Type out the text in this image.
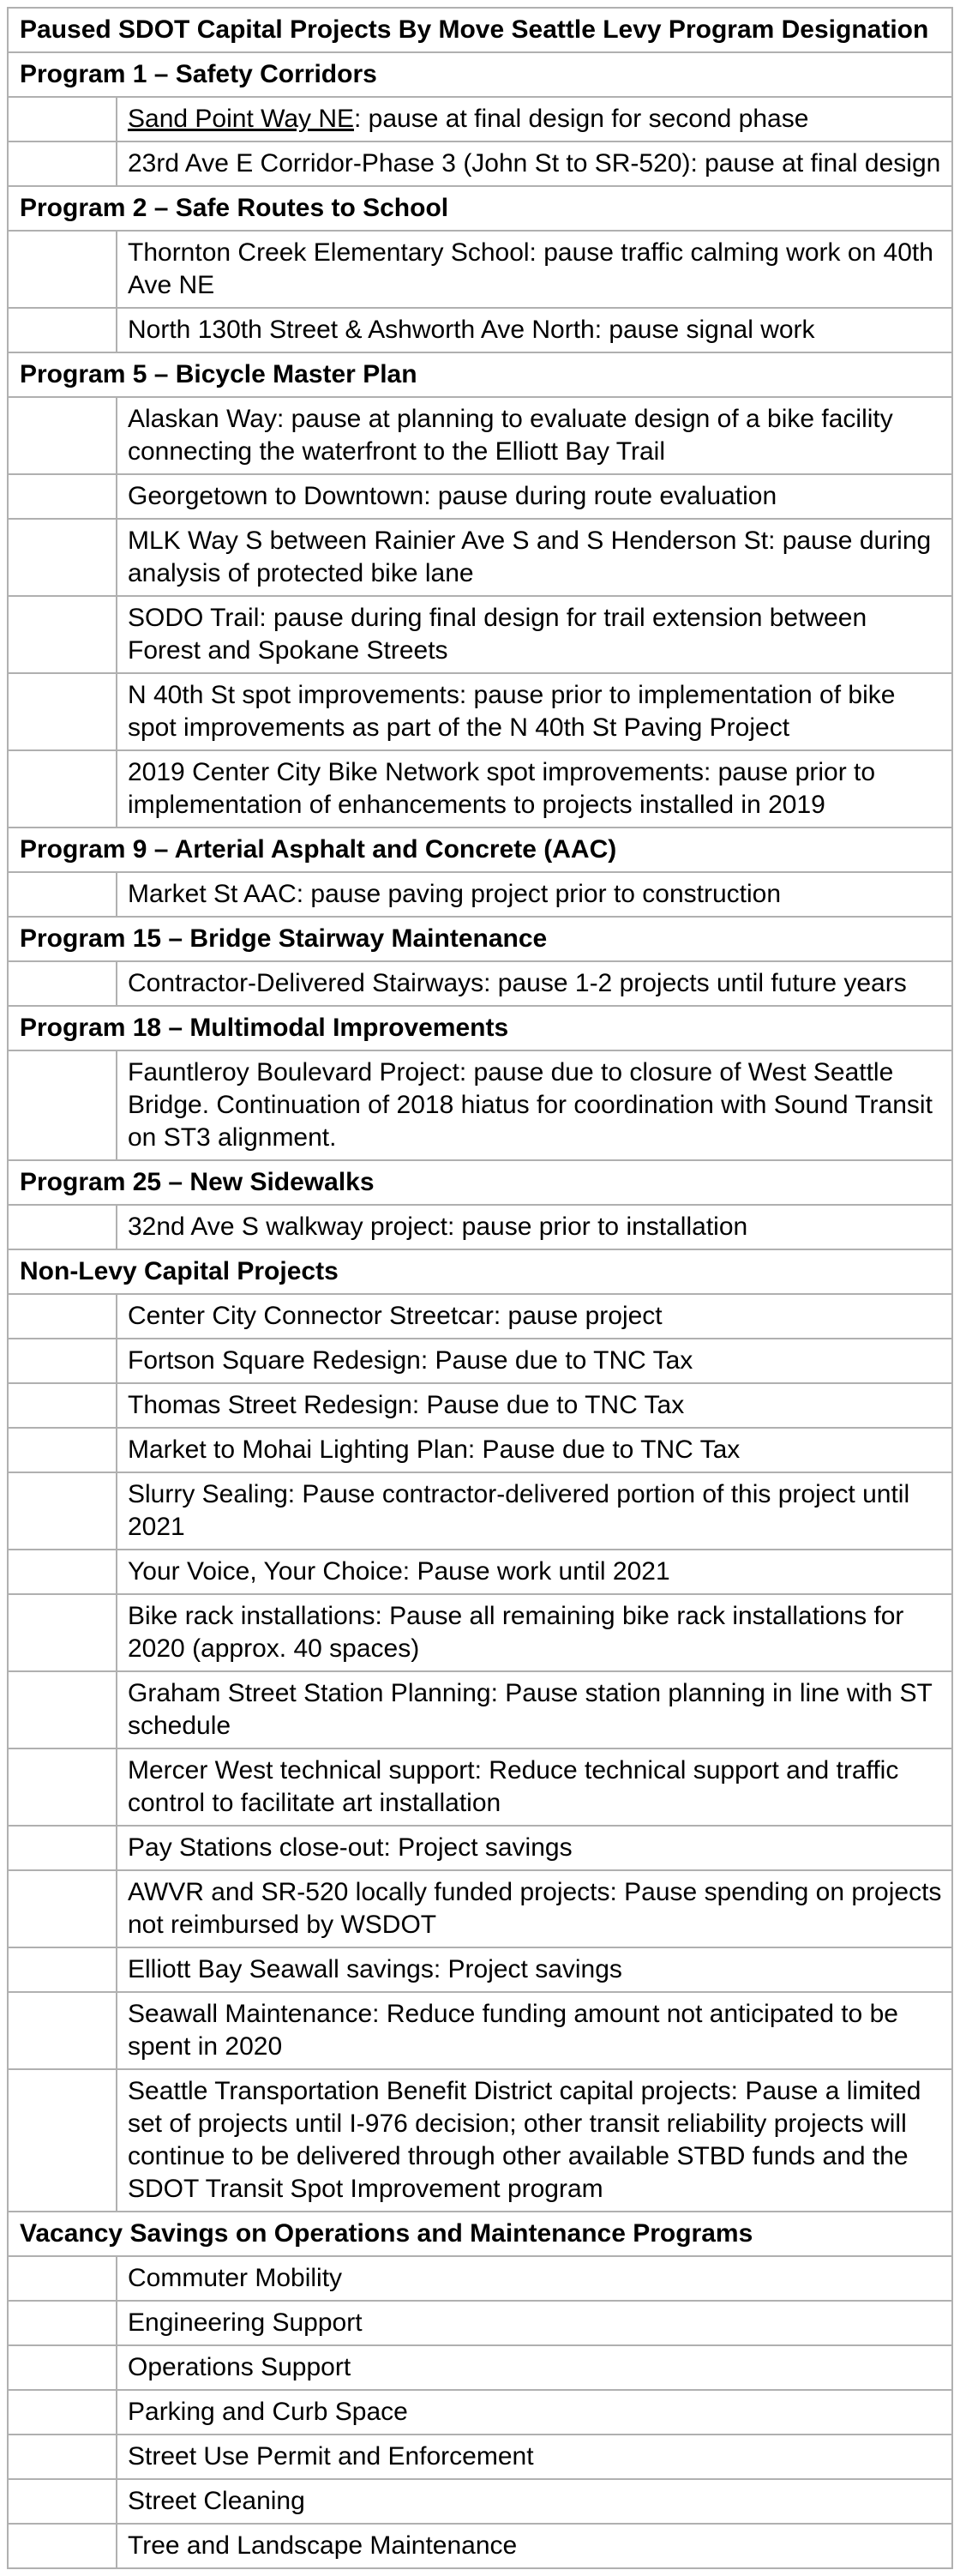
Paused SDOT Capital Projects By Move Seattle Levy Program Designation	
Program 1 – Safety Corridors	
	Sand Point Way NE: pause at final design for second phase
	23rd Ave E Corridor-Phase 3 (John St to SR-520): pause at final design
Program 2 – Safe Routes to School	
	Thornton Creek Elementary School: pause traffic calming work on 40th Ave NE
	North 130th Street & Ashworth Ave North: pause signal work
Program 5 – Bicycle Master Plan	
	Alaskan Way: pause at planning to evaluate design of a bike facility connecting the waterfront to the Elliott Bay Trail
	Georgetown to Downtown: pause during route evaluation
	MLK Way S between Rainier Ave S and S Henderson St: pause during analysis of protected bike lane
	SODO Trail: pause during final design for trail extension between Forest and Spokane Streets
	N 40th St spot improvements: pause prior to implementation of bike spot improvements as part of the N 40th St Paving Project
	2019 Center City Bike Network spot improvements: pause prior to implementation of enhancements to projects installed in 2019
Program 9 – Arterial Asphalt and Concrete (AAC)	
	Market St AAC: pause paving project prior to construction
Program 15 – Bridge Stairway Maintenance	
	Contractor-Delivered Stairways: pause 1-2 projects until future years
Program 18 – Multimodal Improvements	
	Fauntleroy Boulevard Project: pause due to closure of West Seattle Bridge. Continuation of 2018 hiatus for coordination with Sound Transit on ST3 alignment.
Program 25 – New Sidewalks	
	32nd Ave S walkway project: pause prior to installation
Non-Levy Capital Projects	
	Center City Connector Streetcar: pause project
	Fortson Square Redesign: Pause due to TNC Tax
	Thomas Street Redesign: Pause due to TNC Tax
	Market to Mohai Lighting Plan: Pause due to TNC Tax
	Slurry Sealing: Pause contractor-delivered portion of this project until 2021
	Your Voice, Your Choice: Pause work until 2021
	Bike rack installations: Pause all remaining bike rack installations for 2020 (approx. 40 spaces)
	Graham Street Station Planning: Pause station planning in line with ST schedule
	Mercer West technical support: Reduce technical support and traffic control to facilitate art installation
	Pay Stations close-out: Project savings
	AWVR and SR-520 locally funded projects: Pause spending on projects not reimbursed by WSDOT
	Elliott Bay Seawall savings: Project savings
	Seawall Maintenance: Reduce funding amount not anticipated to be spent in 2020
	Seattle Transportation Benefit District capital projects: Pause a limited set of projects until I-976 decision; other transit reliability projects will continue to be delivered through other available STBD funds and the SDOT Transit Spot Improvement program
Vacancy Savings on Operations and Maintenance Programs	
	Commuter Mobility
	Engineering Support
	Operations Support
	Parking and Curb Space
	Street Use Permit and Enforcement
	Street Cleaning
	Tree and Landscape Maintenance
